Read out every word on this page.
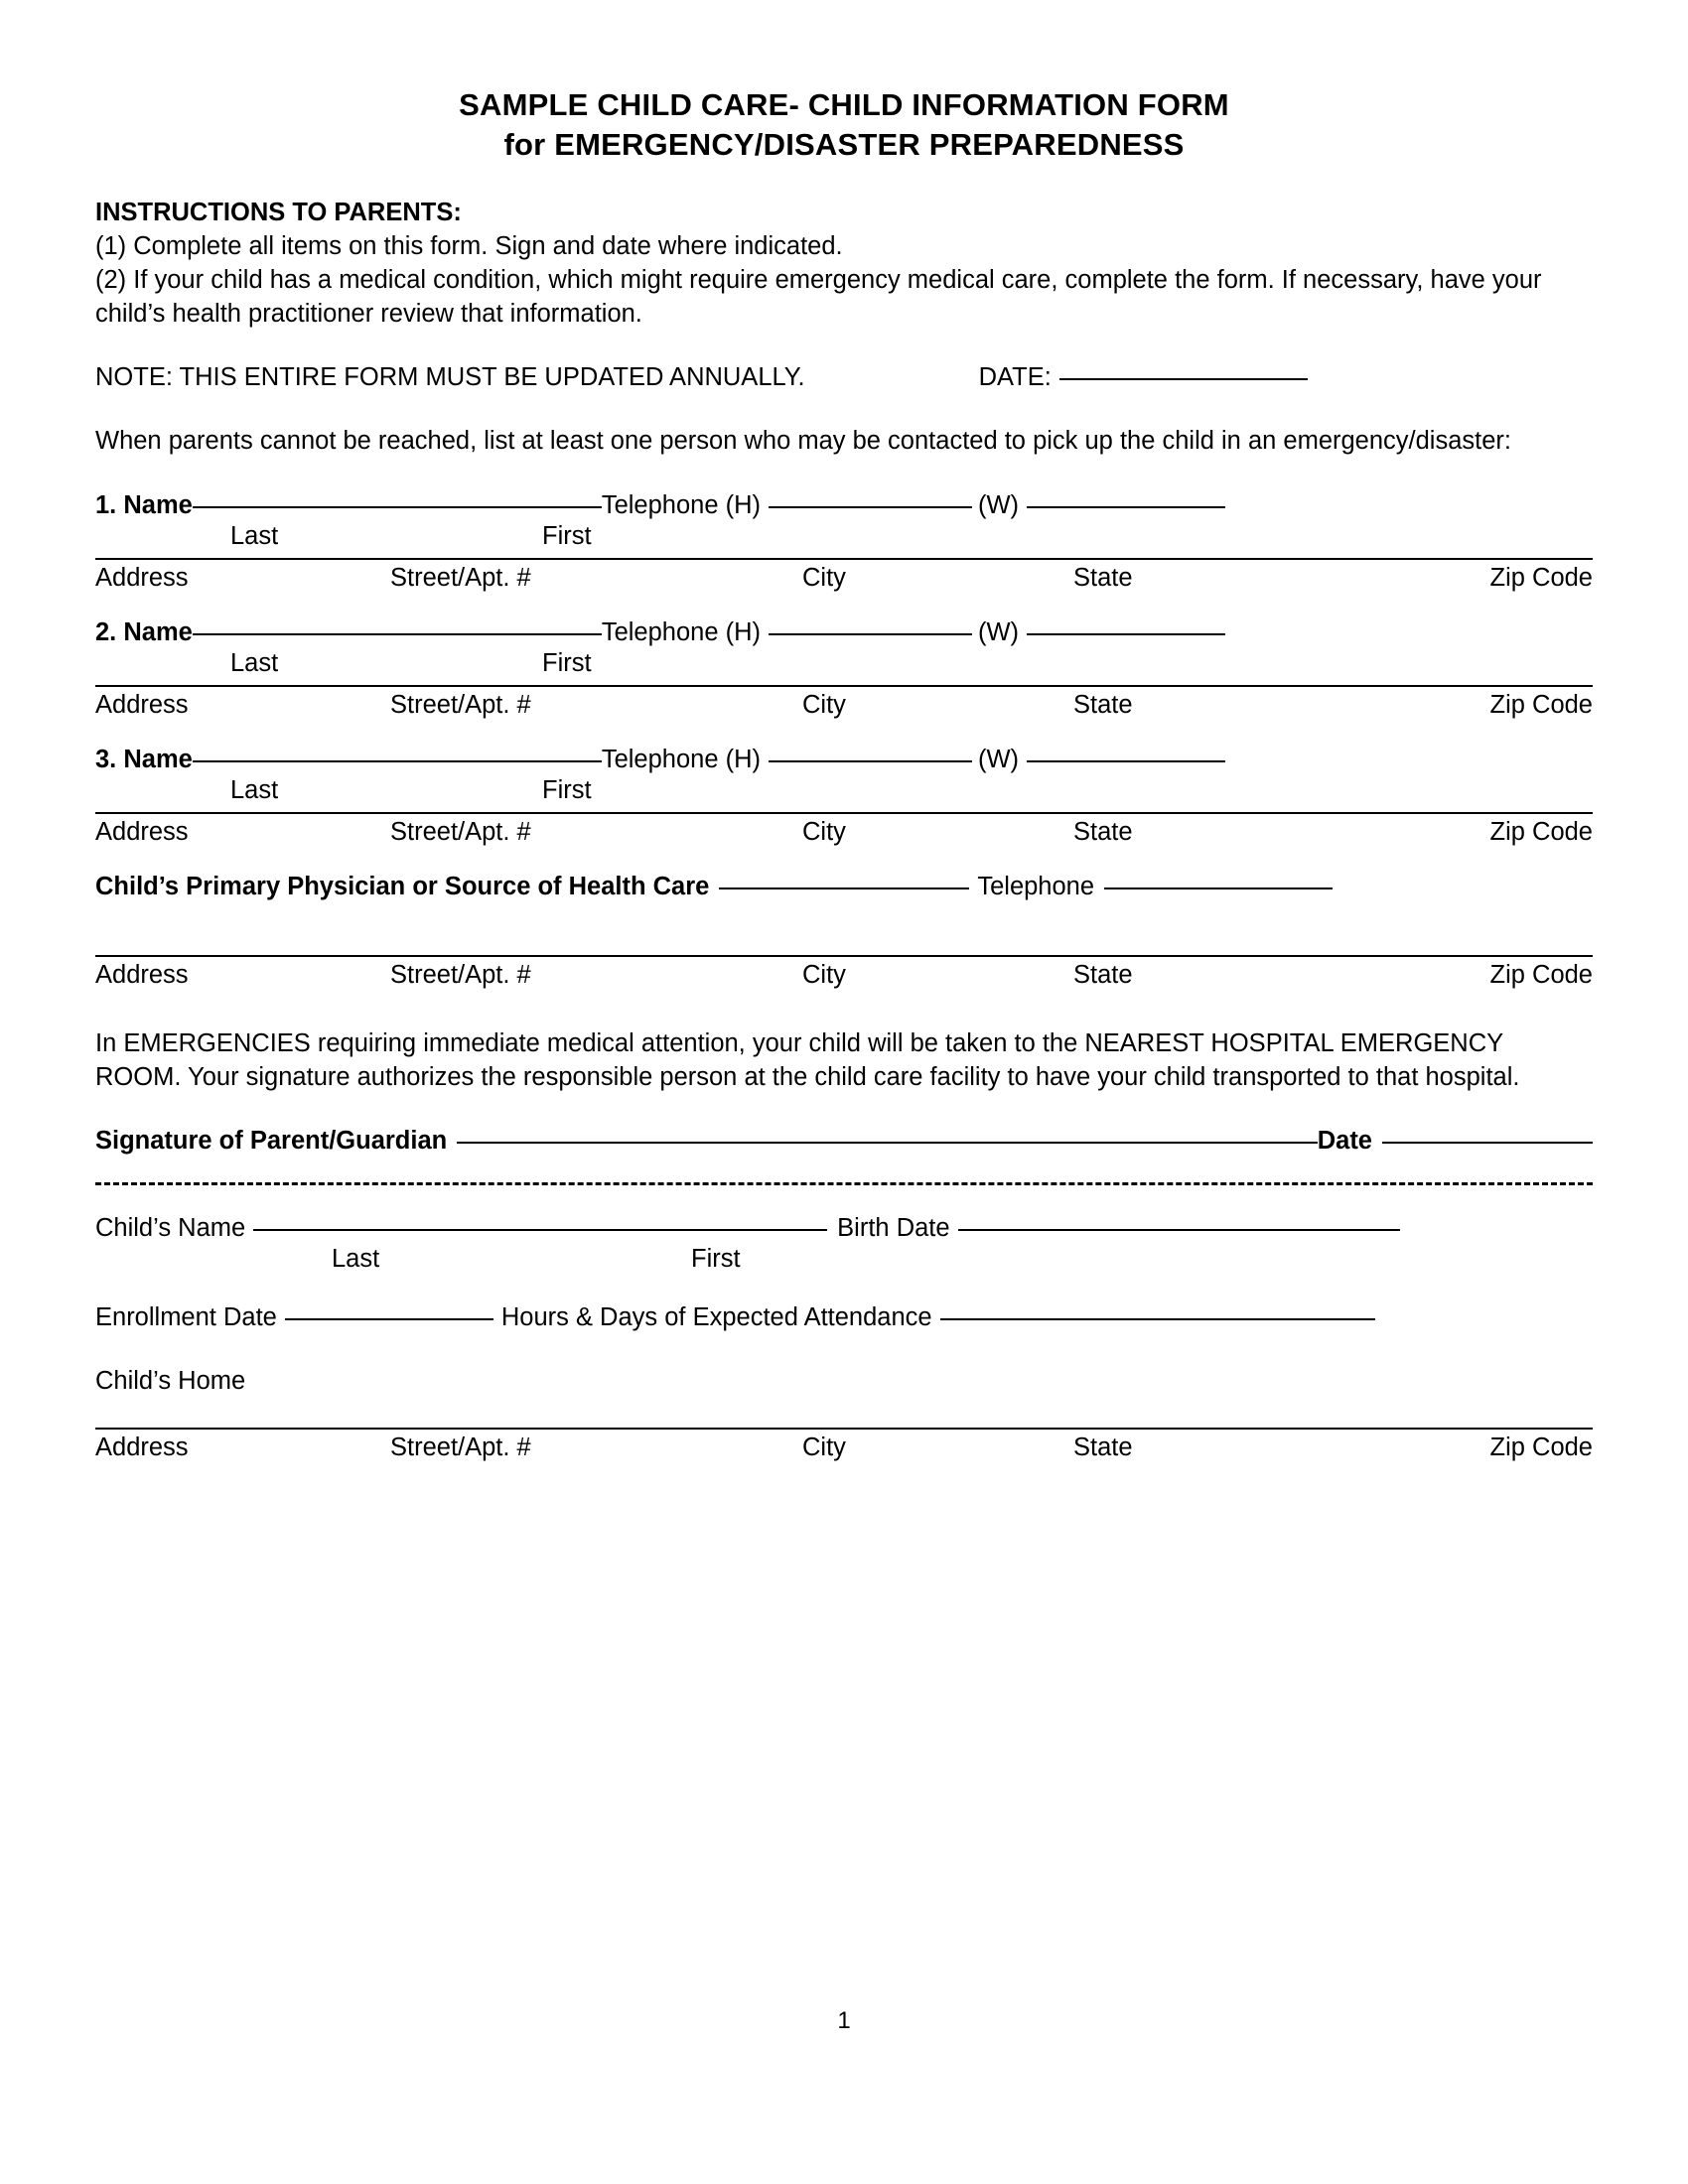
SAMPLE CHILD CARE- CHILD INFORMATION FORM
for EMERGENCY/DISASTER PREPAREDNESS
INSTRUCTIONS TO PARENTS:
(1) Complete all items on this form. Sign and date where indicated.
(2) If your child has a medical condition, which might require emergency medical care, complete the form. If necessary, have your child’s health practitioner review that information.
NOTE: THIS ENTIRE FORM MUST BE UPDATED ANNUALLY.	DATE:
When parents cannot be reached, list at least one person who may be contacted to pick up the child in an emergency/disaster:
1. Name	Telephone (H)	(W)
Last	First
Address	Street/Apt. #	City	State	Zip Code
2. Name	Telephone (H)	(W)
Last	First
Address	Street/Apt. #	City	State	Zip Code
3. Name	Telephone (H)	(W)
Last	First
Address	Street/Apt. #	City	State	Zip Code
Child’s Primary Physician or Source of Health Care	Telephone
Address	Street/Apt. #	City	State	Zip Code
In EMERGENCIES requiring immediate medical attention, your child will be taken to the NEAREST HOSPITAL EMERGENCY ROOM. Your signature authorizes the responsible person at the child care facility to have your child transported to that hospital.
Signature of Parent/Guardian	Date
Child’s Name	Birth Date
Last	First
Enrollment Date	Hours & Days of Expected Attendance
Child’s Home
Address	Street/Apt. #	City	State	Zip Code
1
